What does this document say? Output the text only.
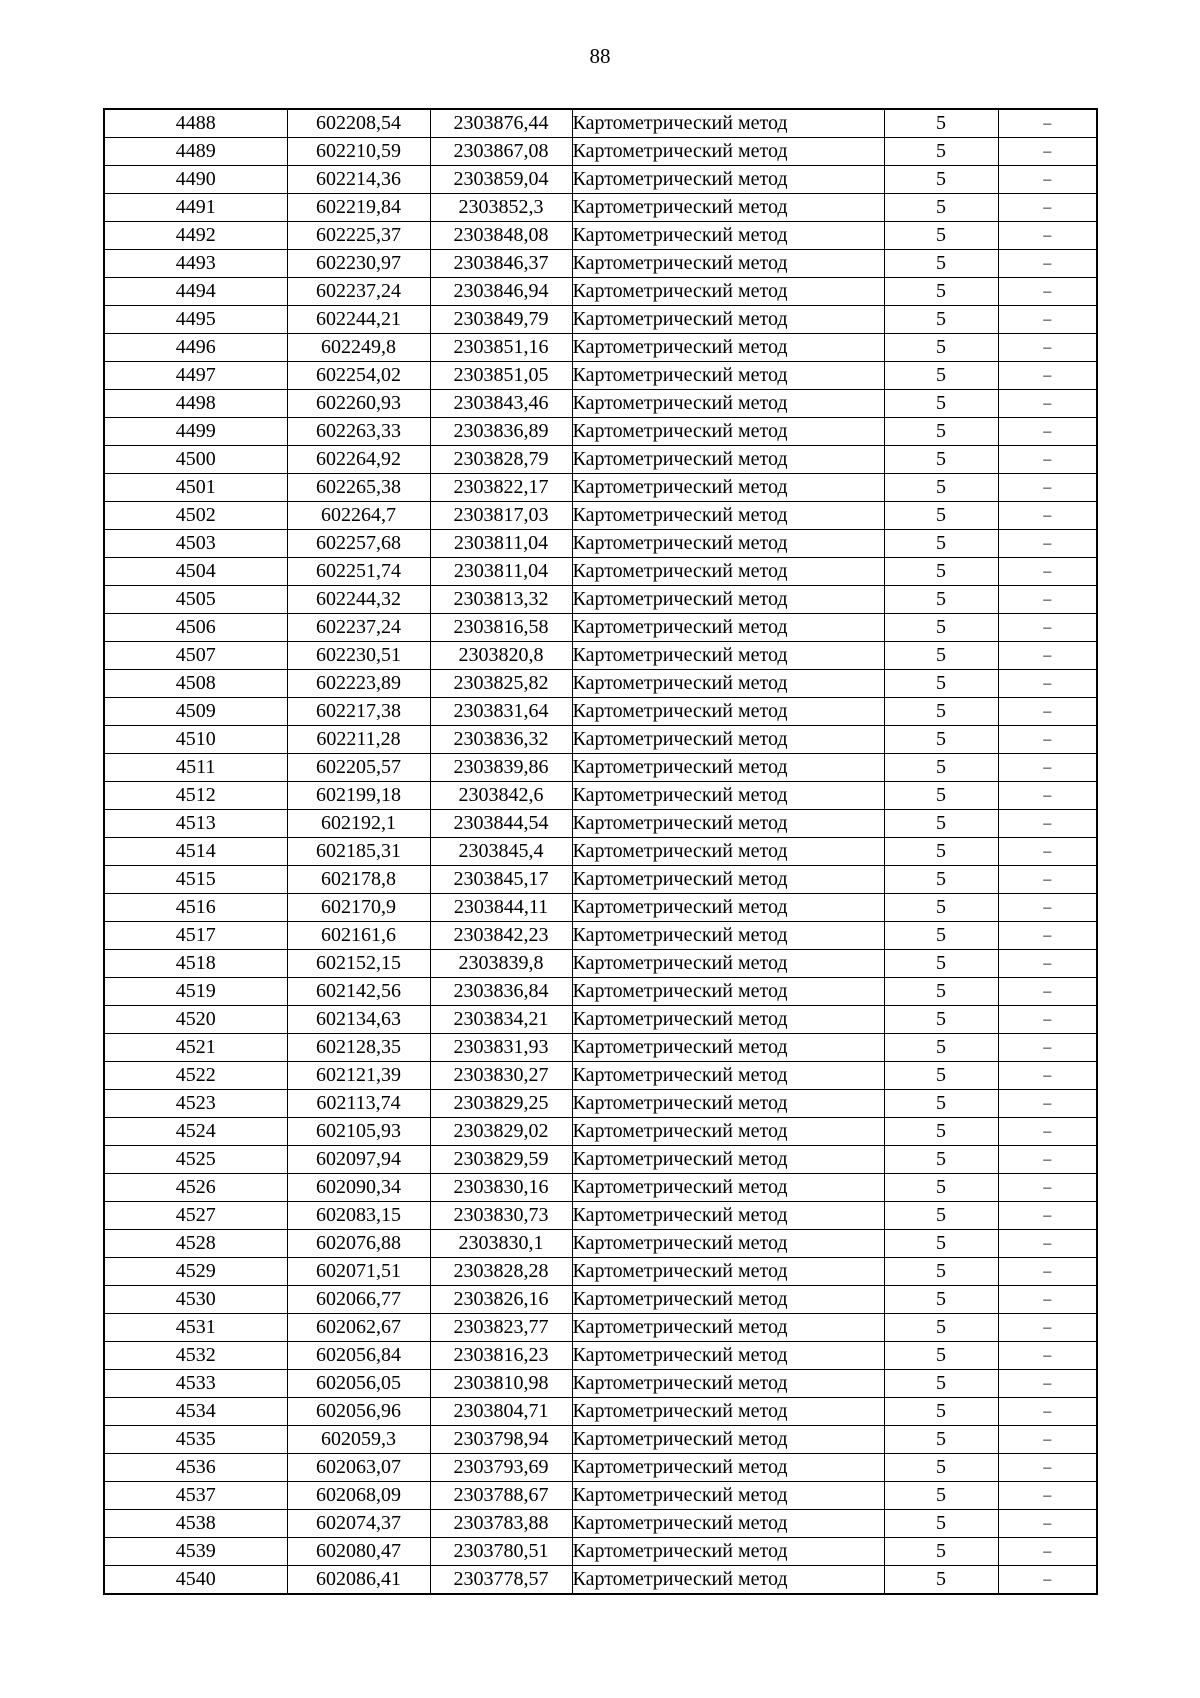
88
4488	602208,54	2303876,44	Картометрический метод	5	–
4489	602210,59	2303867,08	Картометрический метод	5	–
4490	602214,36	2303859,04	Картометрический метод	5	–
4491	602219,84	2303852,3	Картометрический метод	5	–
4492	602225,37	2303848,08	Картометрический метод	5	–
4493	602230,97	2303846,37	Картометрический метод	5	–
4494	602237,24	2303846,94	Картометрический метод	5	–
4495	602244,21	2303849,79	Картометрический метод	5	–
4496	602249,8	2303851,16	Картометрический метод	5	–
4497	602254,02	2303851,05	Картометрический метод	5	–
4498	602260,93	2303843,46	Картометрический метод	5	–
4499	602263,33	2303836,89	Картометрический метод	5	–
4500	602264,92	2303828,79	Картометрический метод	5	–
4501	602265,38	2303822,17	Картометрический метод	5	–
4502	602264,7	2303817,03	Картометрический метод	5	–
4503	602257,68	2303811,04	Картометрический метод	5	–
4504	602251,74	2303811,04	Картометрический метод	5	–
4505	602244,32	2303813,32	Картометрический метод	5	–
4506	602237,24	2303816,58	Картометрический метод	5	–
4507	602230,51	2303820,8	Картометрический метод	5	–
4508	602223,89	2303825,82	Картометрический метод	5	–
4509	602217,38	2303831,64	Картометрический метод	5	–
4510	602211,28	2303836,32	Картометрический метод	5	–
4511	602205,57	2303839,86	Картометрический метод	5	–
4512	602199,18	2303842,6	Картометрический метод	5	–
4513	602192,1	2303844,54	Картометрический метод	5	–
4514	602185,31	2303845,4	Картометрический метод	5	–
4515	602178,8	2303845,17	Картометрический метод	5	–
4516	602170,9	2303844,11	Картометрический метод	5	–
4517	602161,6	2303842,23	Картометрический метод	5	–
4518	602152,15	2303839,8	Картометрический метод	5	–
4519	602142,56	2303836,84	Картометрический метод	5	–
4520	602134,63	2303834,21	Картометрический метод	5	–
4521	602128,35	2303831,93	Картометрический метод	5	–
4522	602121,39	2303830,27	Картометрический метод	5	–
4523	602113,74	2303829,25	Картометрический метод	5	–
4524	602105,93	2303829,02	Картометрический метод	5	–
4525	602097,94	2303829,59	Картометрический метод	5	–
4526	602090,34	2303830,16	Картометрический метод	5	–
4527	602083,15	2303830,73	Картометрический метод	5	–
4528	602076,88	2303830,1	Картометрический метод	5	–
4529	602071,51	2303828,28	Картометрический метод	5	–
4530	602066,77	2303826,16	Картометрический метод	5	–
4531	602062,67	2303823,77	Картометрический метод	5	–
4532	602056,84	2303816,23	Картометрический метод	5	–
4533	602056,05	2303810,98	Картометрический метод	5	–
4534	602056,96	2303804,71	Картометрический метод	5	–
4535	602059,3	2303798,94	Картометрический метод	5	–
4536	602063,07	2303793,69	Картометрический метод	5	–
4537	602068,09	2303788,67	Картометрический метод	5	–
4538	602074,37	2303783,88	Картометрический метод	5	–
4539	602080,47	2303780,51	Картометрический метод	5	–
4540	602086,41	2303778,57	Картометрический метод	5	–
